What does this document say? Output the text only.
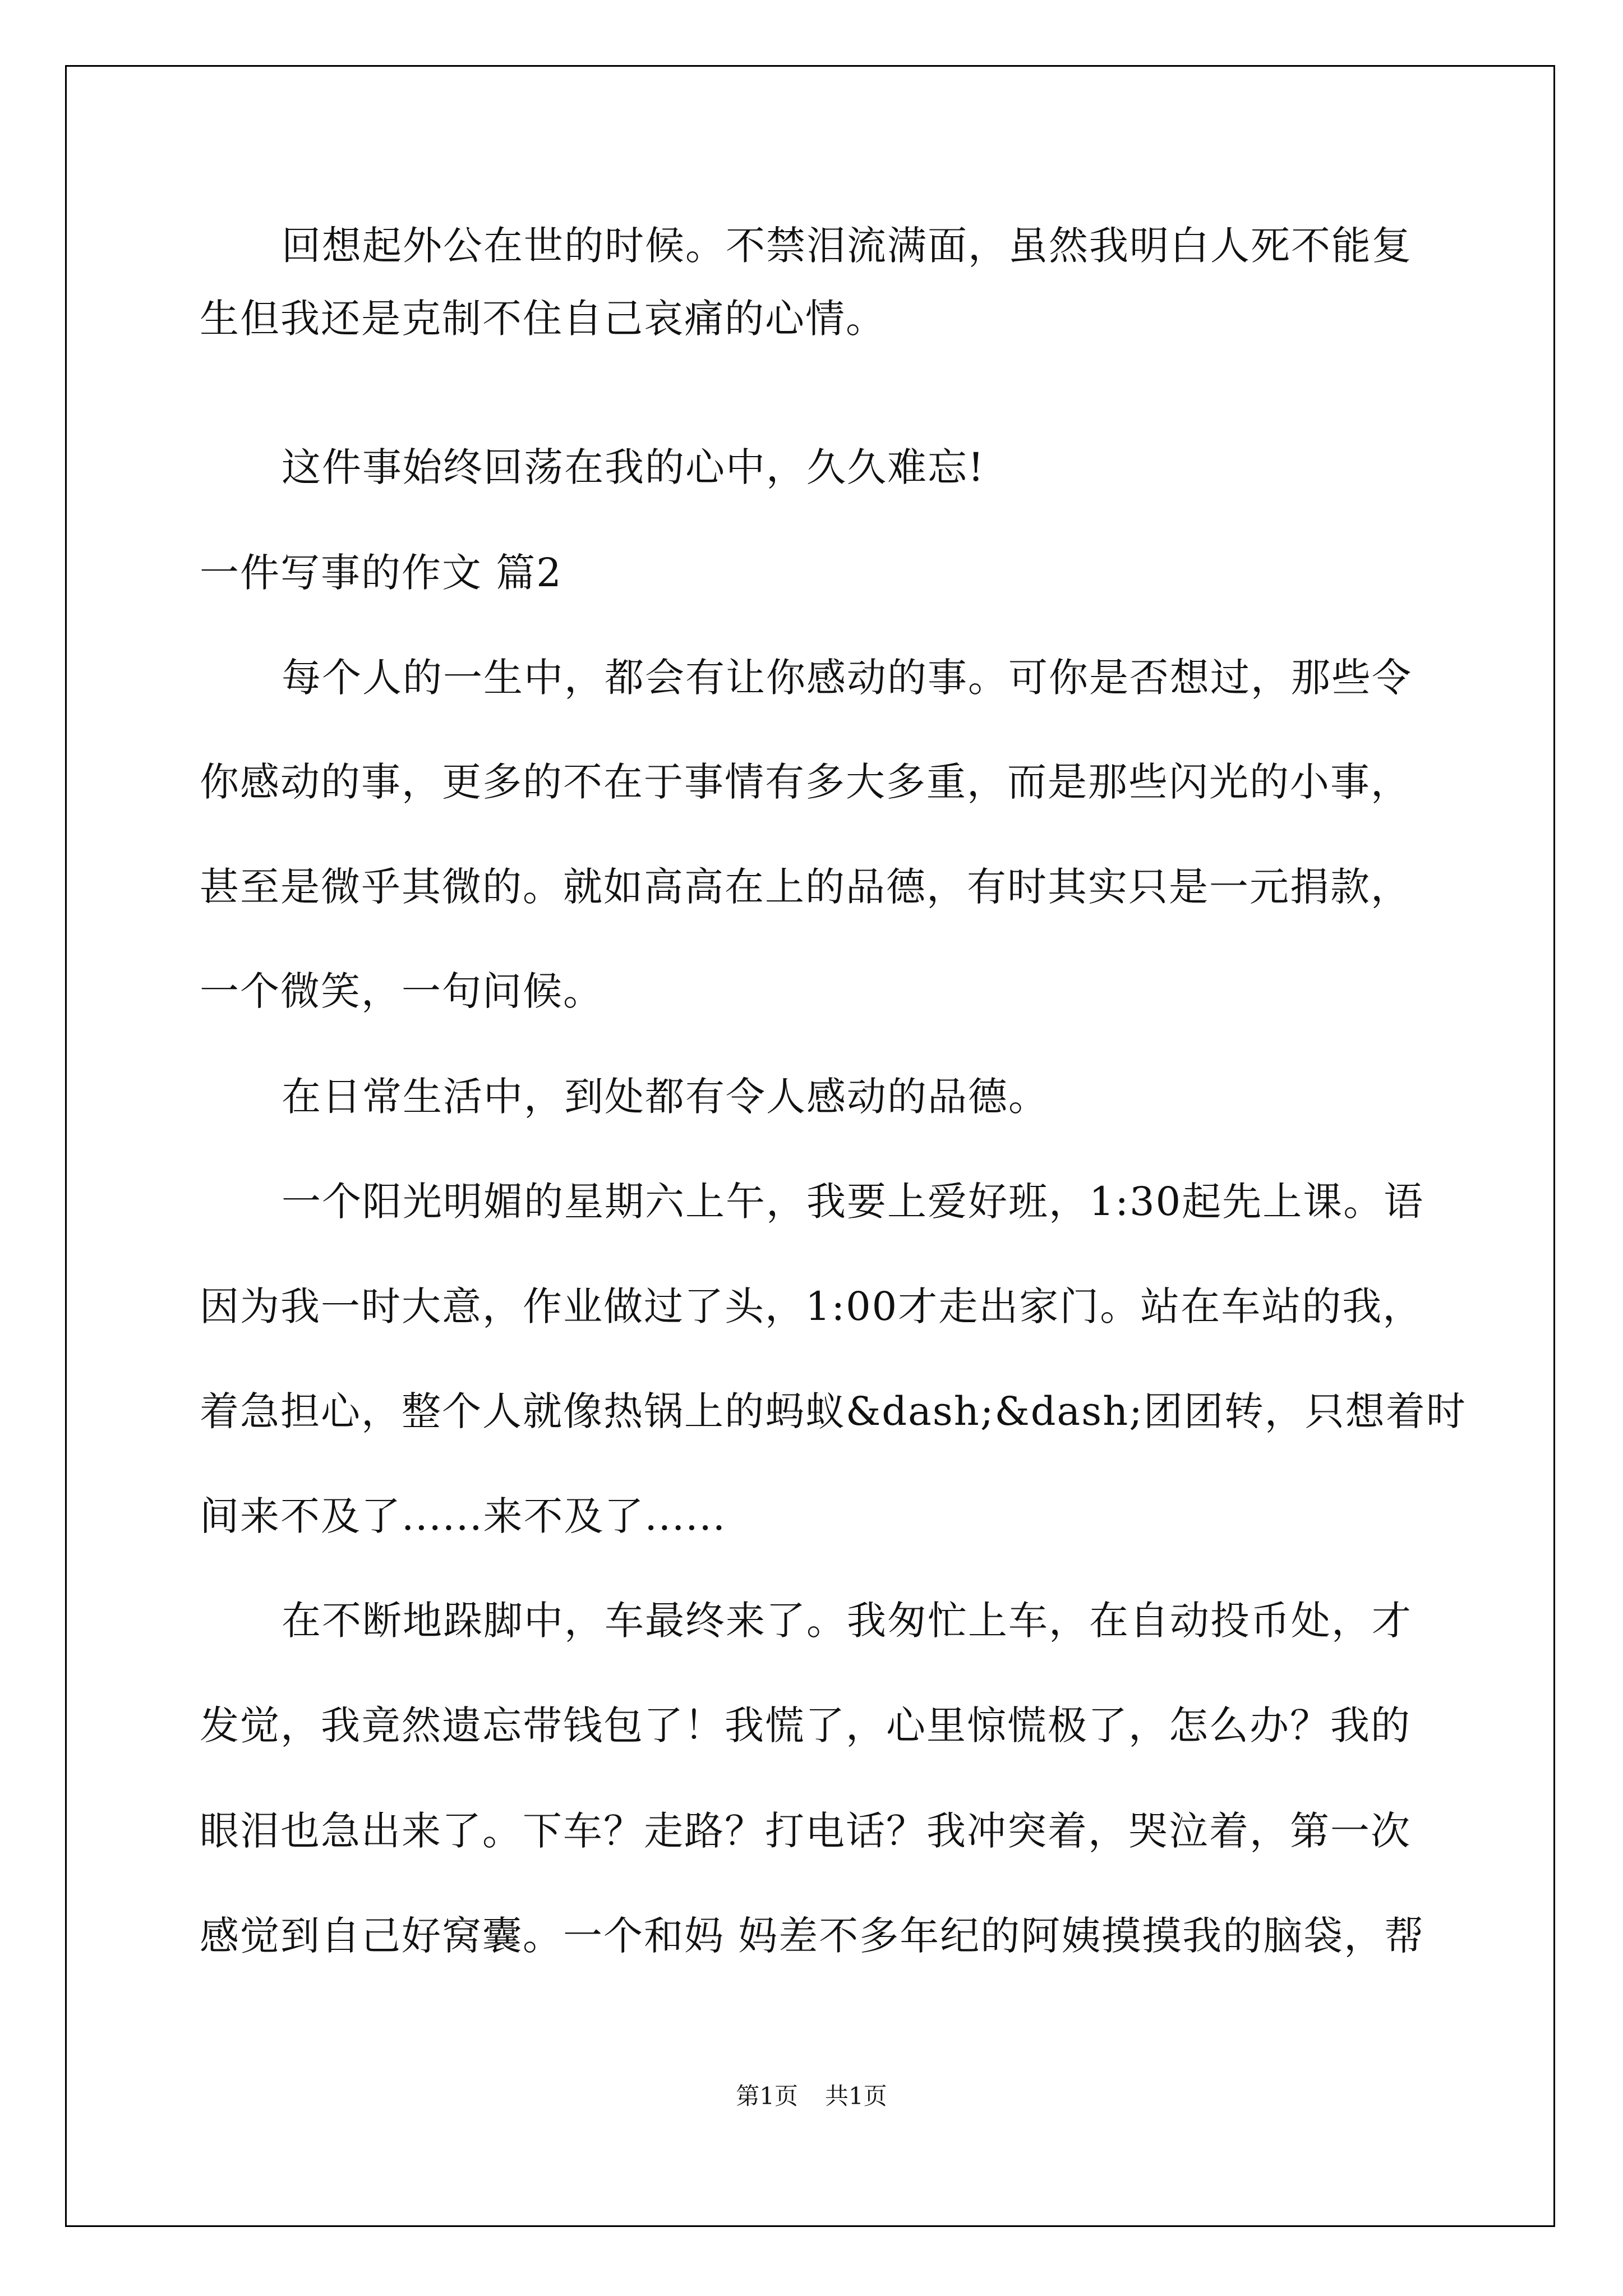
回想起外公在世的时候。不禁泪流满面，虽然我明白人死不能复
生但我还是克制不住自己哀痛的心情。
这件事始终回荡在我的心中，久久难忘!
一件写事的作文 篇2
每个人的一生中，都会有让你感动的事。可你是否想过，那些令
你感动的事，更多的不在于事情有多大多重，而是那些闪光的小事，
甚至是微乎其微的。就如高高在上的品德，有时其实只是一元捐款，
一个微笑，一句问候。
在日常生活中，到处都有令人感动的品德。
一个阳光明媚的星期六上午，我要上爱好班，1:30起先上课。语
因为我一时大意，作业做过了头，1:00才走出家门。站在车站的我，
着急担心，整个人就像热锅上的蚂蚁&dash;&dash;团团转，只想着时
间来不及了......来不及了......
在不断地跺脚中，车最终来了。我匆忙上车，在自动投币处，才
发觉，我竟然遗忘带钱包了！我慌了，心里惊慌极了，怎么办？我的
眼泪也急出来了。下车？走路？打电话？我冲突着，哭泣着，第一次
感觉到自己好窝囊。一个和妈 妈差不多年纪的阿姨摸摸我的脑袋，帮
第1页 共1页
